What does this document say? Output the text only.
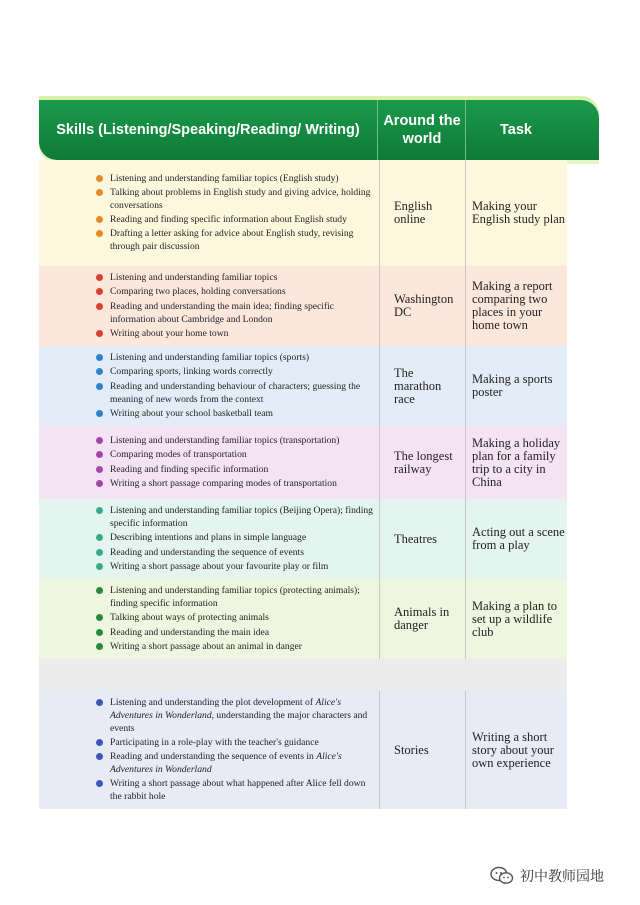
Skills (Listening/Speaking/Reading/ Writing)
Around the world
Task
Listening and understanding familiar topics (English study)
Talking about problems in English study and giving advice, holding conversations
Reading and finding specific information about English study
Drafting a letter asking for advice about English study, revising through pair discussion
English online
Making your English study plan
Listening and understanding familiar topics
Comparing two places, holding conversations
Reading and understanding the main idea; finding specific information about Cambridge and London
Writing about your home town
Washington DC
Making a report comparing two places in your home town
Listening and understanding familiar topics (sports)
Comparing sports, linking words correctly
Reading and understanding behaviour of characters; guessing the meaning of new words from the context
Writing about your school basketball team
The marathon race
Making a sports poster
Listening and understanding familiar topics (transportation)
Comparing modes of transportation
Reading and finding specific information
Writing a short passage comparing modes of transportation
The longest railway
Making a holiday plan for a family trip to a city in China
Listening and understanding familiar topics (Beijing Opera); finding specific information
Describing intentions and plans in simple language
Reading and understanding the sequence of events
Writing a short passage about your favourite play or film
Theatres	Acting out a scene from a play
Listening and understanding familiar topics (protecting animals); finding specific information
Talking about ways of protecting animals
Reading and understanding the main idea
Writing a short passage about an animal in danger
Animals in danger
Making a plan to set up a wildlife club
Listening and understanding the plot development of Alice's Adventures in Wonderland, understanding the major characters and events
Participating in a role-play with the teacher's guidance
Reading and understanding the sequence of events in Alice's Adventures in Wonderland
Writing a short passage about what happened after Alice fell down the rabbit hole
Stories
Writing a short story about your own experience
初中教师园地
